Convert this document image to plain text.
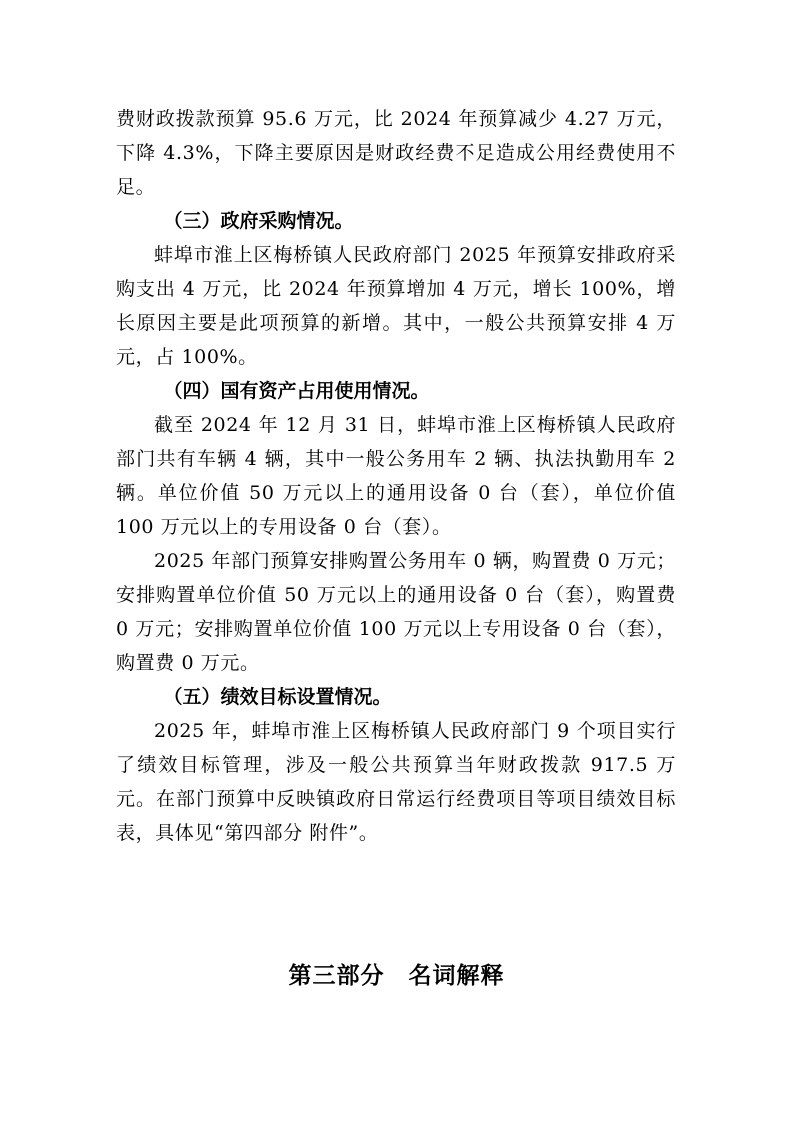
费财政拨款预算 95.6 万元，比 2024 年预算减少 4.27 万元，下降 4.3%，下降主要原因是财政经费不足造成公用经费使用不足。

（三）政府采购情况。

蚌埠市淮上区梅桥镇人民政府部门 2025 年预算安排政府采购支出 4 万元，比 2024 年预算增加 4 万元，增长 100%，增长原因主要是此项预算的新增。其中，一般公共预算安排 4 万元，占 100%。

（四）国有资产占用使用情况。

截至 2024 年 12 月 31 日，蚌埠市淮上区梅桥镇人民政府部门共有车辆 4 辆，其中一般公务用车 2 辆、执法执勤用车 2 辆。单位价值 50 万元以上的通用设备 0 台（套），单位价值 100 万元以上的专用设备 0 台（套）。

2025 年部门预算安排购置公务用车 0 辆，购置费 0 万元；安排购置单位价值 50 万元以上的通用设备 0 台（套），购置费 0 万元；安排购置单位价值 100 万元以上专用设备 0 台（套），购置费 0 万元。

（五）绩效目标设置情况。

2025 年，蚌埠市淮上区梅桥镇人民政府部门 9 个项目实行了绩效目标管理，涉及一般公共预算当年财政拨款 917.5 万元。在部门预算中反映镇政府日常运行经费项目等项目绩效目标表，具体见“第四部分 附件”。

第三部分　名词解释
